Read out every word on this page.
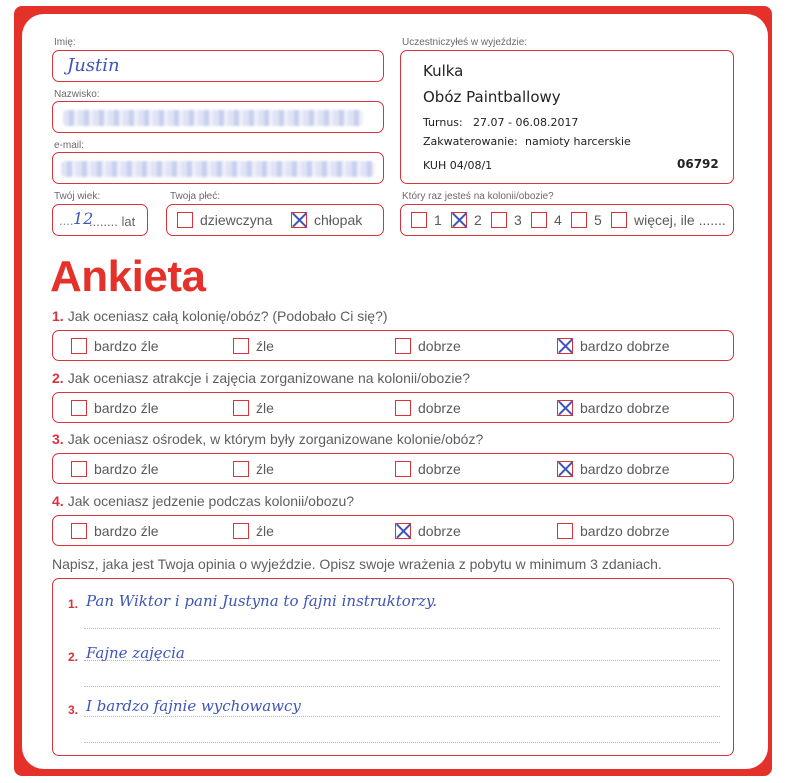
Imię:
Justin
Nazwisko:
e-mail:
Twój wiek:
.... 12
........ lat
Twoja płeć:
dziewczyna	chłopak
Uczestniczyłeś w wyjeździe:
Kulka
Obóz Paintballowy
Turnus: 27.07 - 06.08.2017
Zakwaterowanie: namioty harcerskie
KUH 04/08/1	06792
Który raz jesteś na kolonii/obozie?
1 2 3 4 5 więcej, ile .......
Ankieta
1. Jak oceniasz całą kolonię/obóz? (Podobało Ci się?)
bardzo źle	źle	dobrze	bardzo dobrze
2. Jak oceniasz atrakcje i zajęcia zorganizowane na kolonii/obozie?
bardzo źle	źle	dobrze	bardzo dobrze
3. Jak oceniasz ośrodek, w którym były zorganizowane kolonie/obóz?
bardzo źle	źle	dobrze	bardzo dobrze
4. Jak oceniasz jedzenie podczas kolonii/obozu?
bardzo źle	źle	dobrze	bardzo dobrze
Napisz, jaka jest Twoja opinia o wyjeździe. Opisz swoje wrażenia z pobytu w minimum 3 zdaniach.
1. Pan Wiktor i pani Justyna to fajni instruktorzy.
2. Fajne zajęcia
3. I bardzo fajnie wychowawcy
